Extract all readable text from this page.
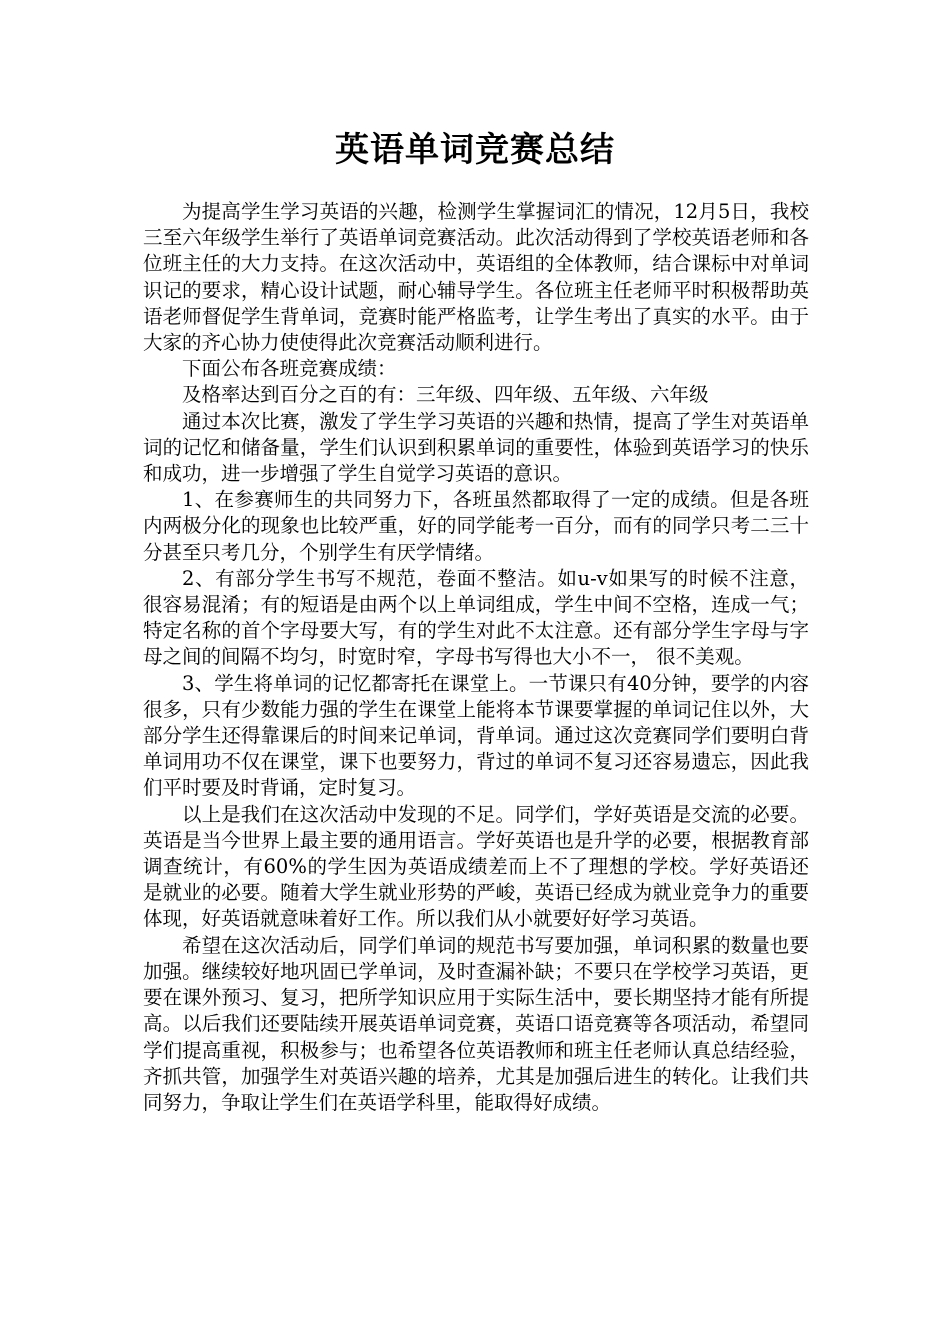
英语单词竞赛总结

为提高学生学习英语的兴趣，检测学生掌握词汇的情况，12月5日，我校三至六年级学生举行了英语单词竞赛活动。此次活动得到了学校英语老师和各位班主任的大力支持。在这次活动中，英语组的全体教师，结合课标中对单词识记的要求，精心设计试题，耐心辅导学生。各位班主任老师平时积极帮助英语老师督促学生背单词，竞赛时能严格监考，让学生考出了真实的水平。由于大家的齐心协力使使得此次竞赛活动顺利进行。

下面公布各班竞赛成绩：

及格率达到百分之百的有：三年级、四年级、五年级、六年级

通过本次比赛，激发了学生学习英语的兴趣和热情，提高了学生对英语单词的记忆和储备量，学生们认识到积累单词的重要性，体验到英语学习的快乐和成功，进一步增强了学生自觉学习英语的意识。

1、在参赛师生的共同努力下，各班虽然都取得了一定的成绩。但是各班内两极分化的现象也比较严重，好的同学能考一百分，而有的同学只考二三十分甚至只考几分，个别学生有厌学情绪。

2、有部分学生书写不规范，卷面不整洁。如u-v如果写的时候不注意，很容易混淆；有的短语是由两个以上单词组成，学生中间不空格，连成一气；特定名称的首个字母要大写，有的学生对此不太注意。还有部分学生字母与字母之间的间隔不均匀，时宽时窄，字母书写得也大小不一， 很不美观。

3、学生将单词的记忆都寄托在课堂上。一节课只有40分钟，要学的内容很多，只有少数能力强的学生在课堂上能将本节课要掌握的单词记住以外，大部分学生还得靠课后的时间来记单词，背单词。通过这次竞赛同学们要明白背单词用功不仅在课堂，课下也要努力，背过的单词不复习还容易遗忘，因此我们平时要及时背诵，定时复习。

以上是我们在这次活动中发现的不足。同学们，学好英语是交流的必要。英语是当今世界上最主要的通用语言。学好英语也是升学的必要，根据教育部调查统计，有60%的学生因为英语成绩差而上不了理想的学校。学好英语还是就业的必要。随着大学生就业形势的严峻，英语已经成为就业竞争力的重要体现，好英语就意味着好工作。所以我们从小就要好好学习英语。

希望在这次活动后，同学们单词的规范书写要加强，单词积累的数量也要加强。继续较好地巩固已学单词，及时查漏补缺；不要只在学校学习英语，更要在课外预习、复习，把所学知识应用于实际生活中，要长期坚持才能有所提高。以后我们还要陆续开展英语单词竞赛，英语口语竞赛等各项活动，希望同学们提高重视，积极参与；也希望各位英语教师和班主任老师认真总结经验，齐抓共管，加强学生对英语兴趣的培养，尤其是加强后进生的转化。让我们共同努力，争取让学生们在英语学科里，能取得好成绩。
